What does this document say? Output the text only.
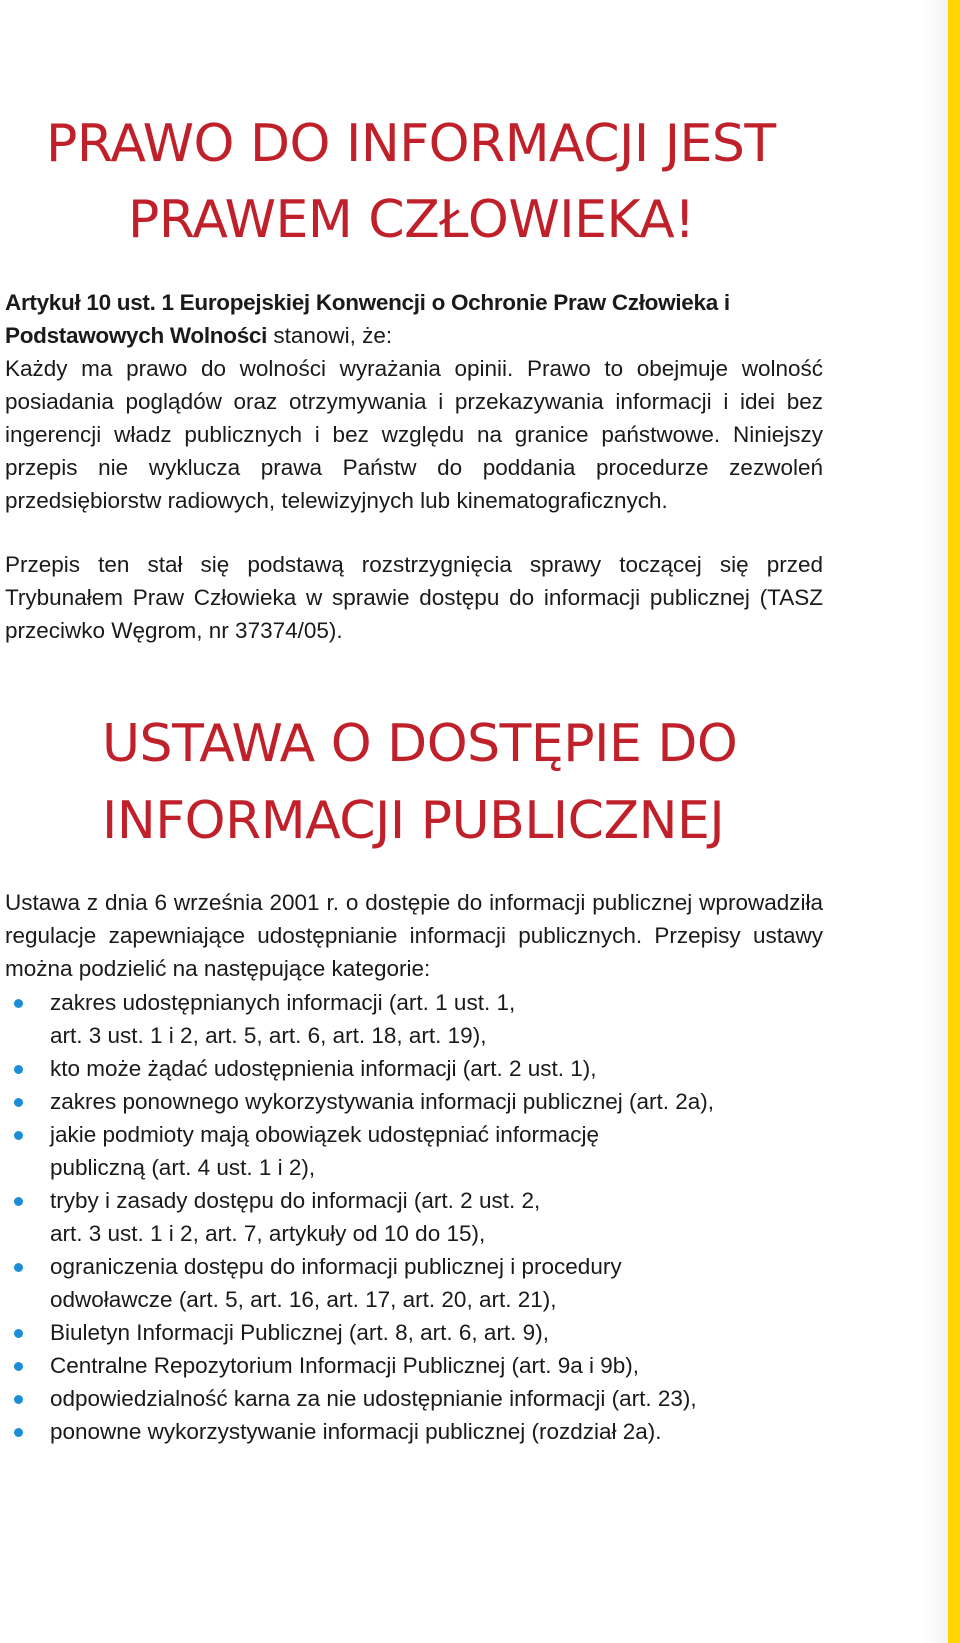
PRAWO DO INFORMACJI JEST
PRAWEM CZŁOWIEKA!

Artykuł 10 ust. 1 Europejskiej Konwencji o Ochronie Praw Człowieka i Podstawowych Wolności stanowi, że:

Każdy ma prawo do wolności wyrażania opinii. Prawo to obejmuje wolność posiadania poglądów oraz otrzymywania i przekazywania informacji i idei bez ingerencji władz publicznych i bez względu na granice państwowe. Niniejszy przepis nie wyklucza prawa Państw do poddania procedurze zezwoleń przedsiębiorstw radiowych, telewizyjnych lub kinematograficznych.

Przepis ten stał się podstawą rozstrzygnięcia sprawy toczącej się przed Trybunałem Praw Człowieka w sprawie dostępu do informacji publicznej (TASZ przeciwko Węgrom, nr 37374/05).

USTAWA O DOSTĘPIE DO
INFORMACJI PUBLICZNEJ

Ustawa z dnia 6 września 2001 r. o dostępie do informacji publicznej wprowadziła regulacje zapewniające udostępnianie informacji publicznych. Przepisy ustawy można podzielić na następujące kategorie:

zakres udostępnianych informacji (art. 1 ust. 1,
art. 3 ust. 1 i 2, art. 5, art. 6, art. 18, art. 19),
kto może żądać udostępnienia informacji (art. 2 ust. 1),
zakres ponownego wykorzystywania informacji publicznej (art. 2a),
jakie podmioty mają obowiązek udostępniać informację
publiczną (art. 4 ust. 1 i 2),
tryby i zasady dostępu do informacji (art. 2 ust. 2,
art. 3 ust. 1 i 2, art. 7, artykuły od 10 do 15),
ograniczenia dostępu do informacji publicznej i procedury
odwoławcze (art. 5, art. 16, art. 17, art. 20, art. 21),
Biuletyn Informacji Publicznej (art. 8, art. 6, art. 9),
Centralne Repozytorium Informacji Publicznej (art. 9a i 9b),
odpowiedzialność karna za nie udostępnianie informacji (art. 23),
ponowne wykorzystywanie informacji publicznej (rozdział 2a).
